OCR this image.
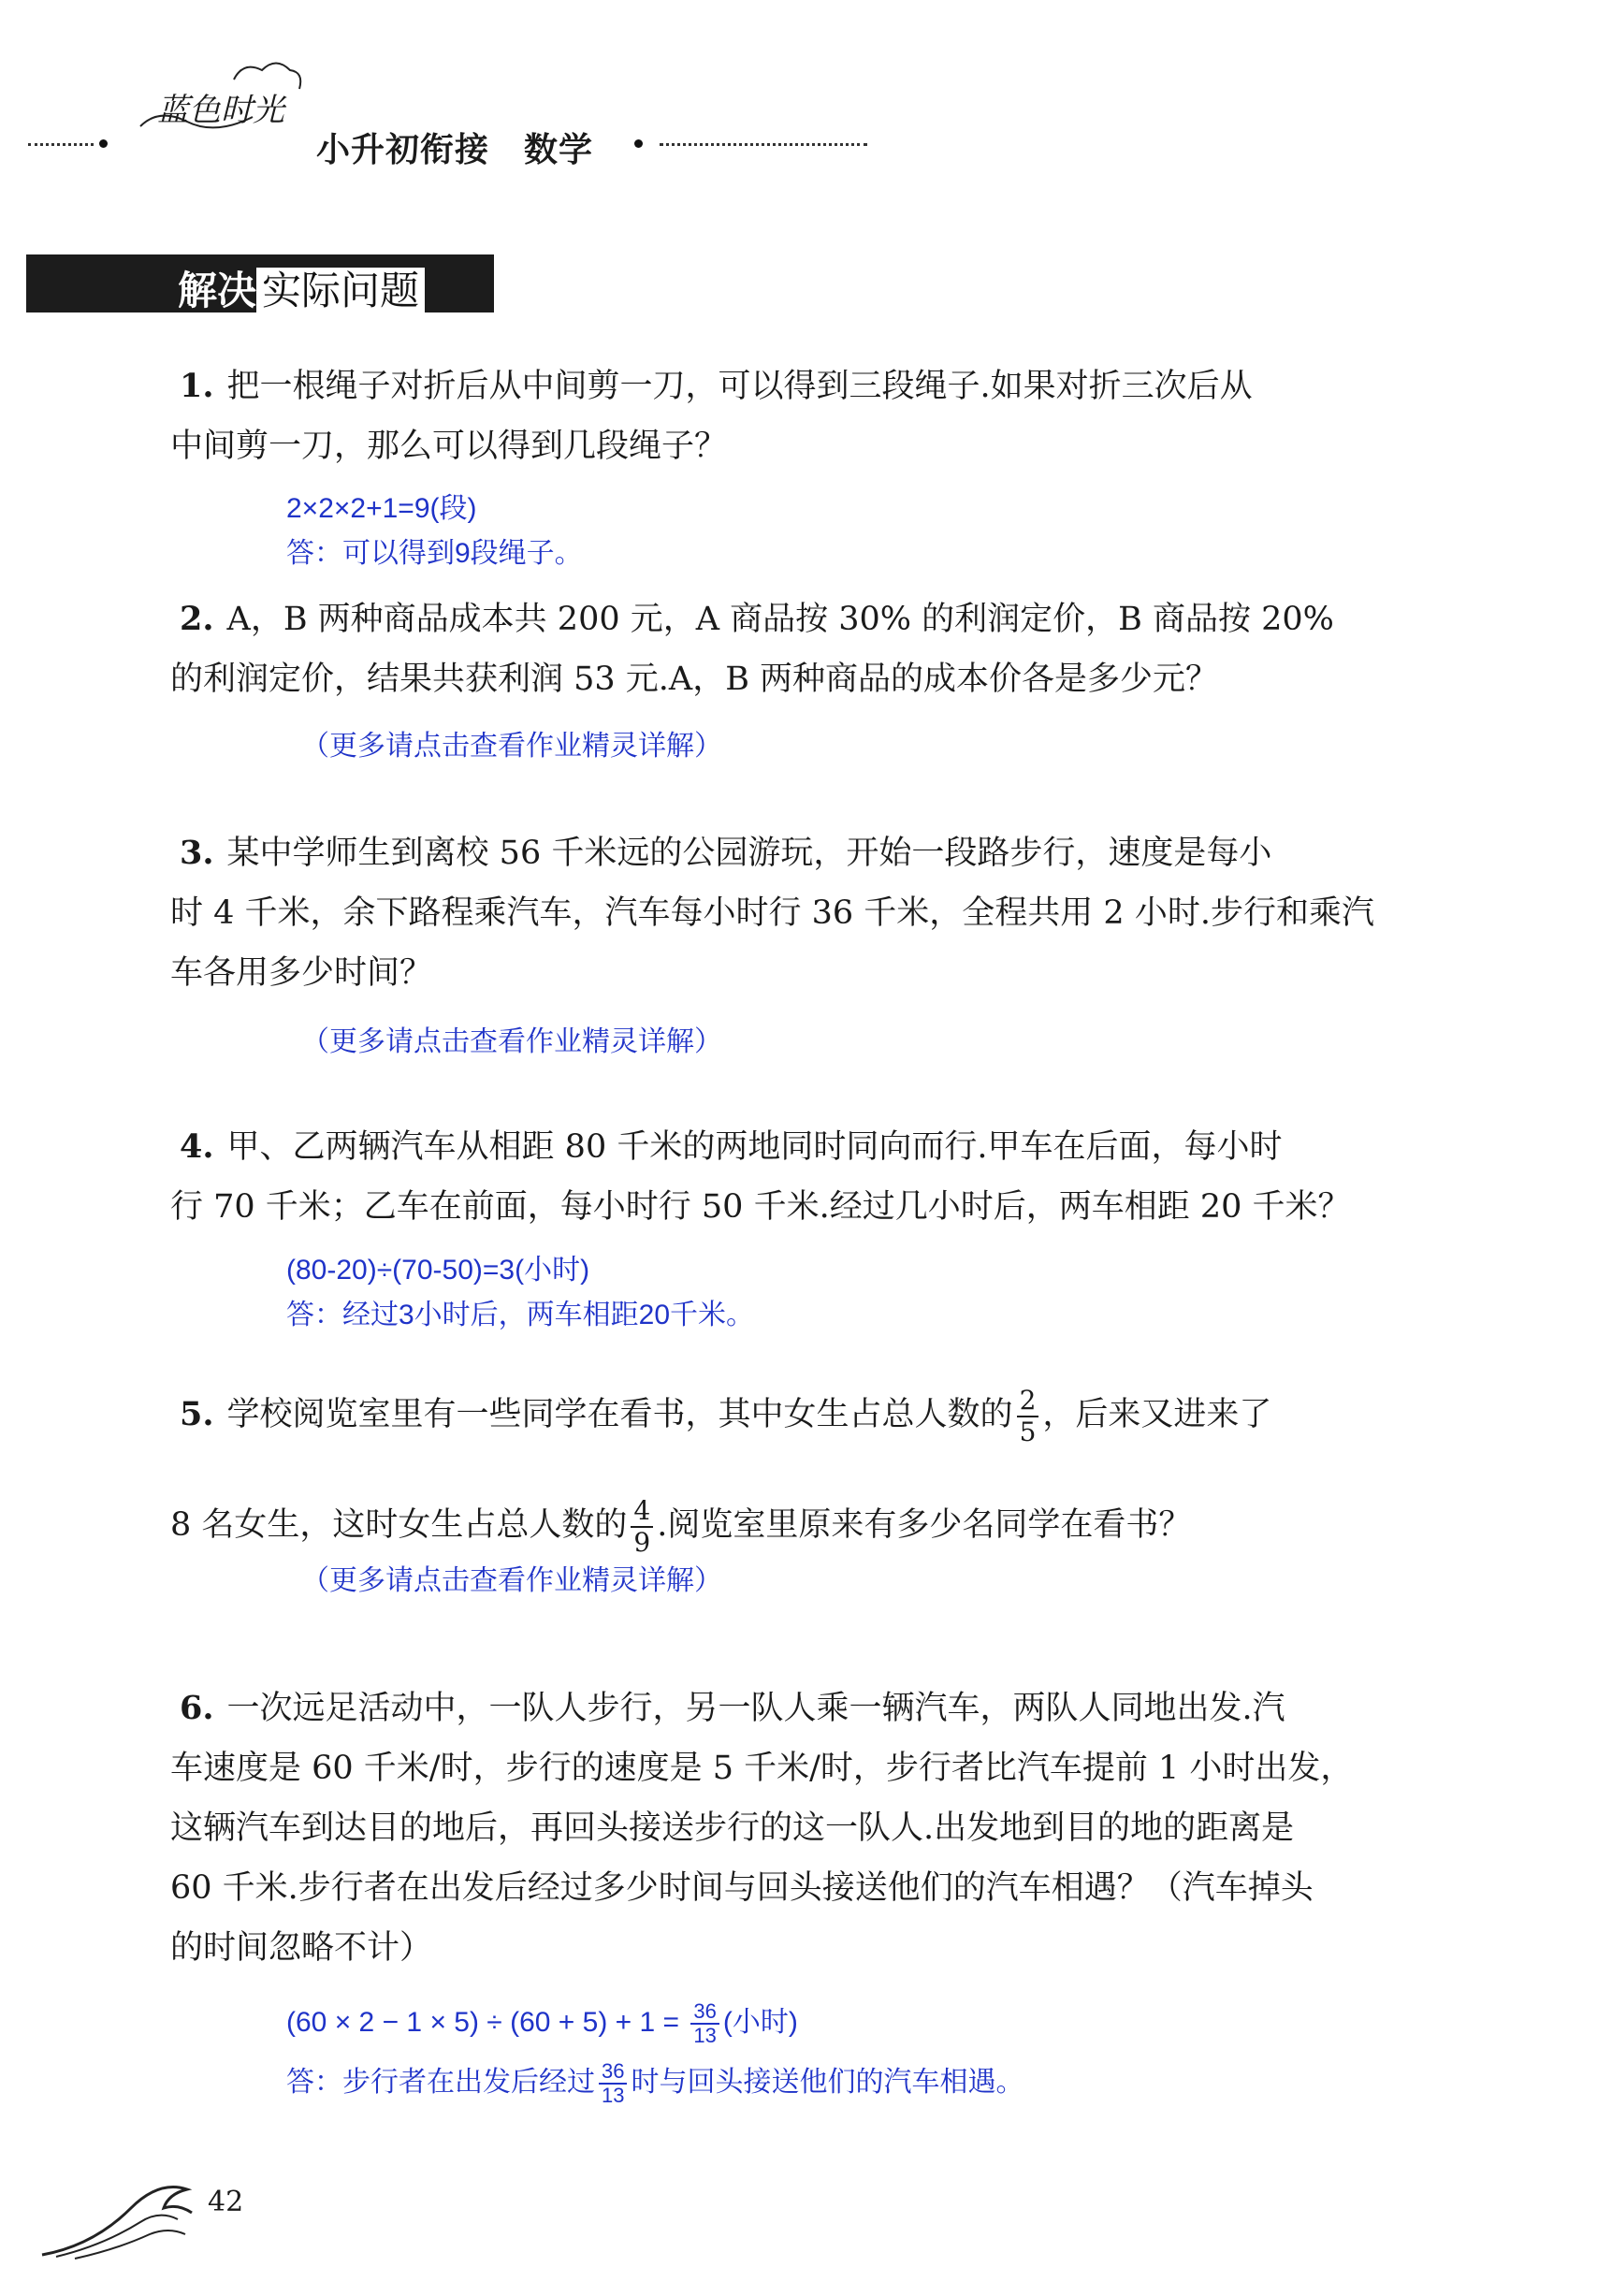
蓝色时光
小升初衔接　数学
解决 实际问题
1. 把一根绳子对折后从中间剪一刀，可以得到三段绳子.如果对折三次后从
中间剪一刀，那么可以得到几段绳子？
2×2×2+1=9(段)
答：可以得到9段绳子。
2. A，B 两种商品成本共 200 元，A 商品按 30% 的利润定价，B 商品按 20%
的利润定价，结果共获利润 53 元.A，B 两种商品的成本价各是多少元？
（更多请点击查看作业精灵详解）
3. 某中学师生到离校 56 千米远的公园游玩，开始一段路步行，速度是每小
时 4 千米，余下路程乘汽车，汽车每小时行 36 千米，全程共用 2 小时.步行和乘汽
车各用多少时间？
（更多请点击查看作业精灵详解）
4. 甲、乙两辆汽车从相距 80 千米的两地同时同向而行.甲车在后面，每小时
行 70 千米；乙车在前面，每小时行 50 千米.经过几小时后，两车相距 20 千米？
(80-20)÷(70-50)=3(小时)
答：经过3小时后，两车相距20千米。
5. 学校阅览室里有一些同学在看书，其中女生占总人数的 $\frac{2}{5}$ ，后来又进来了
8 名女生，这时女生占总人数的 $\frac{4}{9}$ .阅览室里原来有多少名同学在看书？
（更多请点击查看作业精灵详解）
6. 一次远足活动中，一队人步行，另一队人乘一辆汽车，两队人同地出发.汽
车速度是 60 千米/时，步行的速度是 5 千米/时，步行者比汽车提前 1 小时出发，
这辆汽车到达目的地后，再回头接送步行的这一队人.出发地到目的地的距离是
60 千米.步行者在出发后经过多少时间与回头接送他们的汽车相遇？（汽车掉头
的时间忽略不计）
$(60 \times 2 - 1 \times 5) \div (60 + 5) + 1 = \frac{36}{13}$ (小时)
答：步行者在出发后经过 $\frac{36}{13}$ 时与回头接送他们的汽车相遇。
42
